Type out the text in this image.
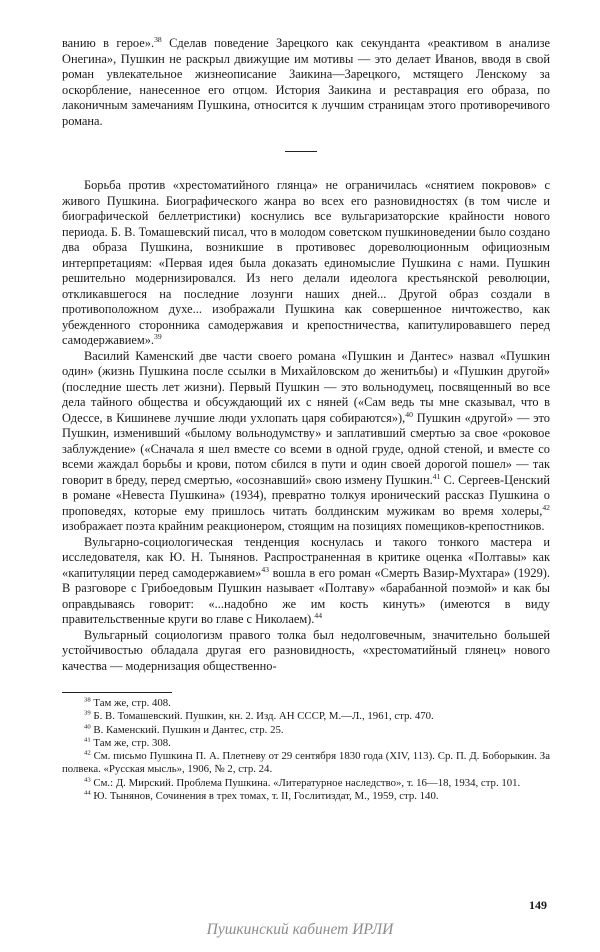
ванию в герое».$^{38}$ Сделав поведение Зарецкого как секунданта «реактивом в анализе Онегина», Пушкин не раскрыл движущие им мотивы — это делает Иванов, вводя в свой роман увлекательное жизнеописание Заикина—Зарецкого, мстящего Ленскому за оскорбление, нанесенное его отцом. История Заикина и реставрация его образа, по лаконичным замечаниям Пушкина, относится к лучшим страницам этого противоречивого романа.

Борьба против «хрестоматийного глянца» не ограничилась «снятием покровов» с живого Пушкина. Биографического жанра во всех его разновидностях (в том числе и биографической беллетристики) коснулись все вульгаризаторские крайности нового периода. Б. В. Томашевский писал, что в молодом советском пушкиноведении было создано два образа Пушкина, возникшие в противовес дореволюционным официозным интерпретациям: «Первая идея была доказать единомыслие Пушкина с нами. Пушкин решительно модернизировался. Из него делали идеолога крестьянской революции, откликавшегося на последние лозунги наших дней... Другой образ создали в противоположном духе... изображали Пушкина как совершенное ничтожество, как убежденного сторонника самодержавия и крепостничества, капитулировавшего перед самодержавием».$^{39}$

Василий Каменский две части своего романа «Пушкин и Дантес» назвал «Пушкин один» (жизнь Пушкина после ссылки в Михайловском до женитьбы) и «Пушкин другой» (последние шесть лет жизни). Первый Пушкин — это вольнодумец, посвященный во все дела тайного общества и обсуждающий их с няней («Сам ведь ты мне сказывал, что в Одессе, в Кишиневе лучшие люди ухлопать царя собираются»),$^{40}$ Пушкин «другой» — это Пушкин, изменивший «былому вольнодумству» и заплативший смертью за свое «роковое заблуждение» («Сначала я шел вместе со всеми в одной груде, одной стеной, и вместе со всеми жаждал борьбы и крови, потом сбился в пути и один своей дорогой пошел» — так говорит в бреду, перед смертью, «осознавший» свою измену Пушкин.$^{41}$ С. Сергеев-Ценский в романе «Невеста Пушкина» (1934), превратно толкуя иронический рассказ Пушкина о проповедях, которые ему пришлось читать болдинским мужикам во время холеры,$^{42}$ изображает поэта крайним реакционером, стоящим на позициях помещиков-крепостников.

Вульгарно-социологическая тенденция коснулась и такого тонкого мастера и исследователя, как Ю. Н. Тынянов. Распространенная в критике оценка «Полтавы» как «капитуляции перед самодержавием»$^{43}$ вошла в его роман «Смерть Вазир-Мухтара» (1929). В разговоре с Грибоедовым Пушкин называет «Полтаву» «барабанной поэмой» и как бы оправдываясь говорит: «...надобно же им кость кинуть» (имеются в виду правительственные круги во главе с Николаем).$^{44}$

Вульгарный социологизм правого толка был недолговечным, значительно большей устойчивостью обладала другая его разновидность, «хрестоматийный глянец» нового качества — модернизация общественно-

$^{38}$ Там же, стр. 408.

$^{39}$ Б. В. Томашевский. Пушкин, кн. 2. Изд. АН СССР, М.—Л., 1961, стр. 470.

$^{40}$ В. Каменский. Пушкин и Дантес, стр. 25.

$^{41}$ Там же, стр. 308.

$^{42}$ См. письмо Пушкина П. А. Плетневу от 29 сентября 1830 года (XIV, 113). Ср. П. Д. Боборыкин. За полвека. «Русская мысль», 1906, № 2, стр. 24.

$^{43}$ См.: Д. Мирский. Проблема Пушкина. «Литературное наследство», т. 16—18, 1934, стр. 101.

$^{44}$ Ю. Тынянов, Сочинения в трех томах, т. II, Гослитиздат, М., 1959, стр. 140.

149
Пушкинский кабинет ИРЛИ
